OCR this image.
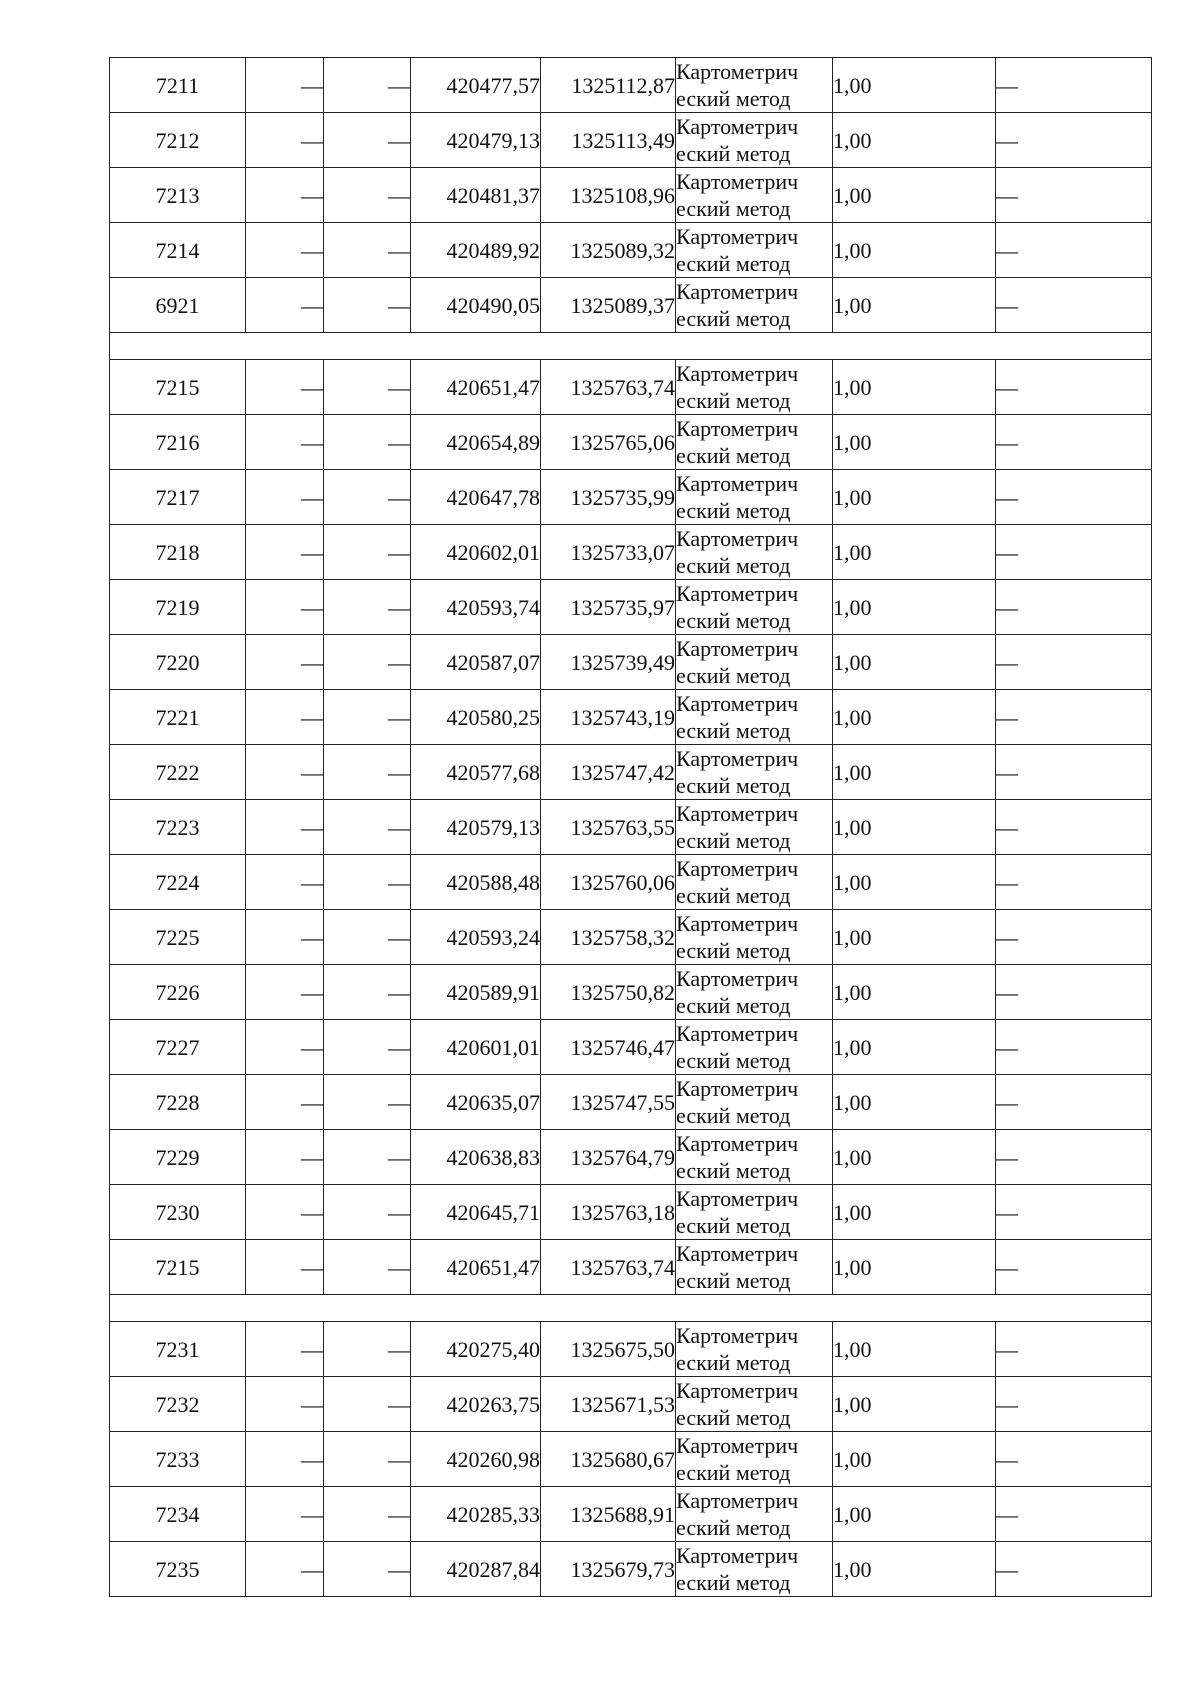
7211	—	—	420477,57	1325112,87	Картометрич еский метод	1,00	—
7212	—	—	420479,13	1325113,49	Картометрич еский метод	1,00	—
7213	—	—	420481,37	1325108,96	Картометрич еский метод	1,00	—
7214	—	—	420489,92	1325089,32	Картометрич еский метод	1,00	—
6921	—	—	420490,05	1325089,37	Картометрич еский метод	1,00	—

7215	—	—	420651,47	1325763,74	Картометрич еский метод	1,00	—
7216	—	—	420654,89	1325765,06	Картометрич еский метод	1,00	—
7217	—	—	420647,78	1325735,99	Картометрич еский метод	1,00	—
7218	—	—	420602,01	1325733,07	Картометрич еский метод	1,00	—
7219	—	—	420593,74	1325735,97	Картометрич еский метод	1,00	—
7220	—	—	420587,07	1325739,49	Картометрич еский метод	1,00	—
7221	—	—	420580,25	1325743,19	Картометрич еский метод	1,00	—
7222	—	—	420577,68	1325747,42	Картометрич еский метод	1,00	—
7223	—	—	420579,13	1325763,55	Картометрич еский метод	1,00	—
7224	—	—	420588,48	1325760,06	Картометрич еский метод	1,00	—
7225	—	—	420593,24	1325758,32	Картометрич еский метод	1,00	—
7226	—	—	420589,91	1325750,82	Картометрич еский метод	1,00	—
7227	—	—	420601,01	1325746,47	Картометрич еский метод	1,00	—
7228	—	—	420635,07	1325747,55	Картометрич еский метод	1,00	—
7229	—	—	420638,83	1325764,79	Картометрич еский метод	1,00	—
7230	—	—	420645,71	1325763,18	Картометрич еский метод	1,00	—
7215	—	—	420651,47	1325763,74	Картометрич еский метод	1,00	—

7231	—	—	420275,40	1325675,50	Картометрич еский метод	1,00	—
7232	—	—	420263,75	1325671,53	Картометрич еский метод	1,00	—
7233	—	—	420260,98	1325680,67	Картометрич еский метод	1,00	—
7234	—	—	420285,33	1325688,91	Картометрич еский метод	1,00	—
7235	—	—	420287,84	1325679,73	Картометрич еский метод	1,00	—
